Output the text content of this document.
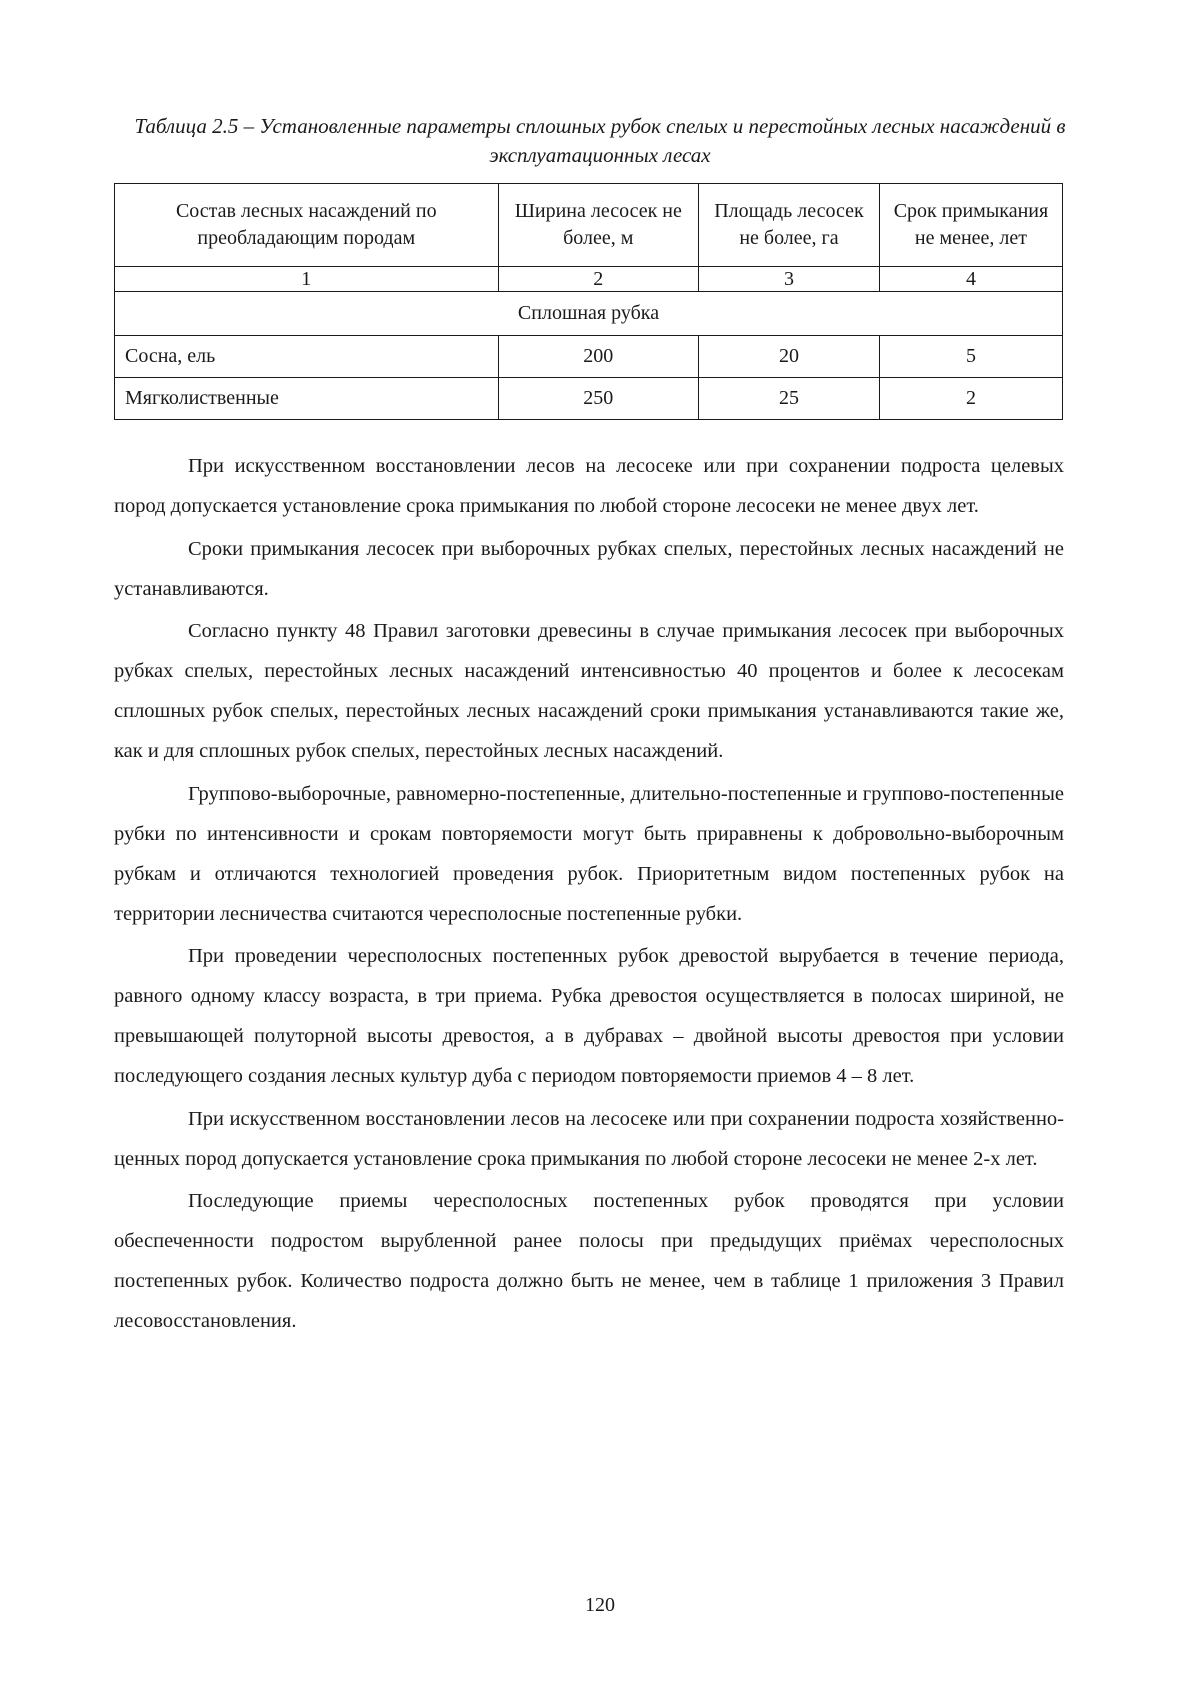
Таблица 2.5 – Установленные параметры сплошных рубок спелых и перестойных лесных насаждений в эксплуатационных лесах
Состав лесных насаждений по преобладающим породам	Ширина лесосек не более, м	Площадь лесосек не более, га	Срок примыкания не менее, лет
1	2	3	4
Сплошная рубка			
Сосна, ель	200	20	5
Мягколиственные	250	25	2

При искусственном восстановлении лесов на лесосеке или при сохранении подроста целевых пород допускается установление срока примыкания по любой стороне лесосеки не менее двух лет.

Сроки примыкания лесосек при выборочных рубках спелых, перестойных лесных насаждений не устанавливаются.

Согласно пункту 48 Правил заготовки древесины в случае примыкания лесосек при выборочных рубках спелых, перестойных лесных насаждений интенсивностью 40 процентов и более к лесосекам сплошных рубок спелых, перестойных лесных насаждений сроки примыкания устанавливаются такие же, как и для сплошных рубок спелых, перестойных лесных насаждений.

Группово-выборочные, равномерно-постепенные, длительно-постепенные и группово-постепенные рубки по интенсивности и срокам повторяемости могут быть приравнены к добровольно-выборочным рубкам и отличаются технологией проведения рубок. Приоритетным видом постепенных рубок на территории лесничества считаются чересполосные постепенные рубки.

При проведении чересполосных постепенных рубок древостой вырубается в течение периода, равного одному классу возраста, в три приема. Рубка древостоя осуществляется в полосах шириной, не превышающей полуторной высоты древостоя, а в дубравах – двойной высоты древостоя при условии последующего создания лесных культур дуба с периодом повторяемости приемов 4 – 8 лет.

При искусственном восстановлении лесов на лесосеке или при сохранении подроста хозяйственно-ценных пород допускается установление срока примыкания по любой стороне лесосеки не менее 2-х лет.

Последующие приемы чересполосных постепенных рубок проводятся при условии обеспеченности подростом вырубленной ранее полосы при предыдущих приёмах чересполосных постепенных рубок. Количество подроста должно быть не менее, чем в таблице 1 приложения 3 Правил лесовосстановления.

120
